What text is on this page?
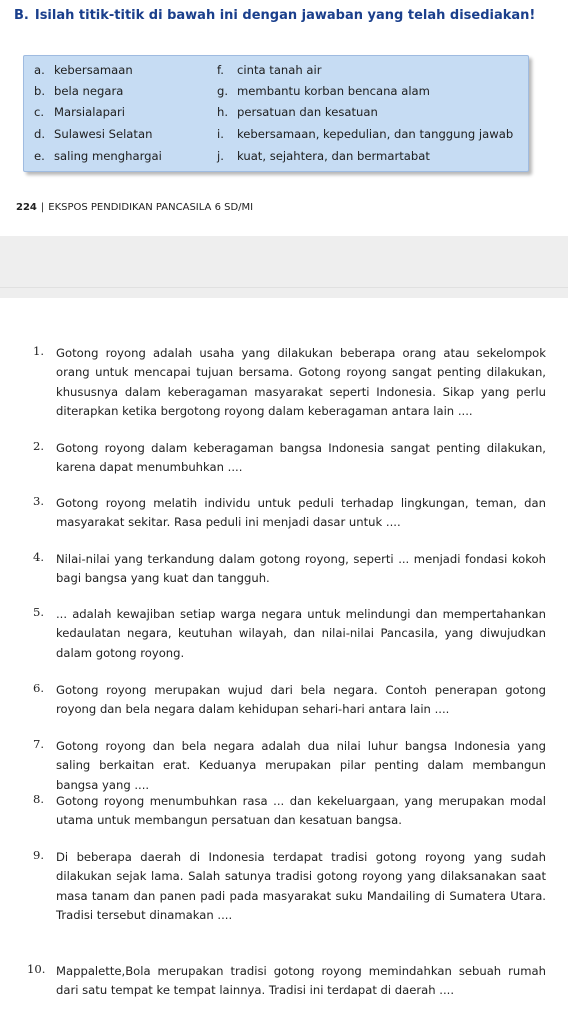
B. Isilah titik-titik di bawah ini dengan jawaban yang telah disediakan!
a. kebersamaan
b. bela negara
c. Marsialapari
d. Sulawesi Selatan
e. saling menghargai
f. cinta tanah air
g. membantu korban bencana alam
h. persatuan dan kesatuan
i. kebersamaan, kepedulian, dan tanggung jawab
j. kuat, sejahtera, dan bermartabat
224 | EKSPOS PENDIDIKAN PANCASILA 6 SD/MI
1. Gotong royong adalah usaha yang dilakukan beberapa orang atau sekelompok orang untuk mencapai tujuan bersama. Gotong royong sangat penting dilakukan, khususnya dalam keberagaman masyarakat seperti Indonesia. Sikap yang perlu diterapkan ketika bergotong royong dalam keberagaman antara lain ....

2. Gotong royong dalam keberagaman bangsa Indonesia sangat penting dilakukan, karena dapat menumbuhkan ....

3. Gotong royong melatih individu untuk peduli terhadap lingkungan, teman, dan masyarakat sekitar. Rasa peduli ini menjadi dasar untuk ....

4. Nilai-nilai yang terkandung dalam gotong royong, seperti ... menjadi fondasi kokoh bagi bangsa yang kuat dan tangguh.

5. ... adalah kewajiban setiap warga negara untuk melindungi dan mempertahankan kedaulatan negara, keutuhan wilayah, dan nilai-nilai Pancasila, yang diwujudkan dalam gotong royong.

6. Gotong royong merupakan wujud dari bela negara. Contoh penerapan gotong royong dan bela negara dalam kehidupan sehari-hari antara lain ....

7. Gotong royong dan bela negara adalah dua nilai luhur bangsa Indonesia yang saling berkaitan erat. Keduanya merupakan pilar penting dalam membangun bangsa yang ....

8. Gotong royong menumbuhkan rasa ... dan kekeluargaan, yang merupakan modal utama untuk membangun persatuan dan kesatuan bangsa.

9. Di beberapa daerah di Indonesia terdapat tradisi gotong royong yang sudah dilakukan sejak lama. Salah satunya tradisi gotong royong yang dilaksanakan saat masa tanam dan panen padi pada masyarakat suku Mandailing di Sumatera Utara. Tradisi tersebut dinamakan ....

10. Mappalette,Bola merupakan tradisi gotong royong memindahkan sebuah rumah dari satu tempat ke tempat lainnya. Tradisi ini terdapat di daerah ....
